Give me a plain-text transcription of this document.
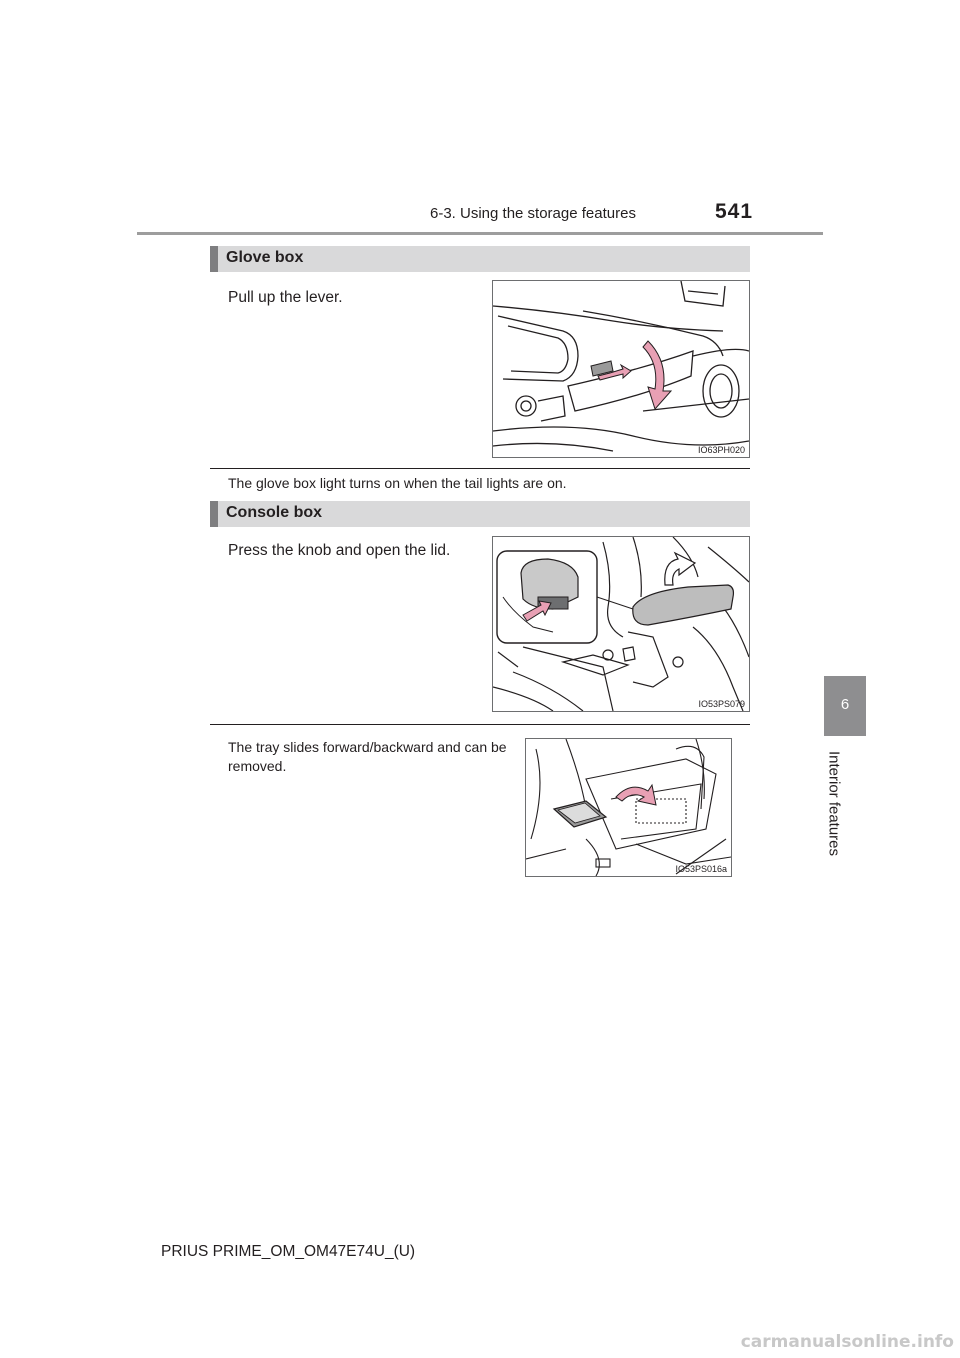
6-3. Using the storage features	541
Glove box
Pull up the lever.
IO63PH020
The glove box light turns on when the tail lights are on.
Console box
Press the knob and open the lid.
IO53PS079
The tray slides forward/backward and can be removed.
IO53PS016a
6
Interior features
PRIUS PRIME_OM_OM47E74U_(U)
carmanualsonline.info
